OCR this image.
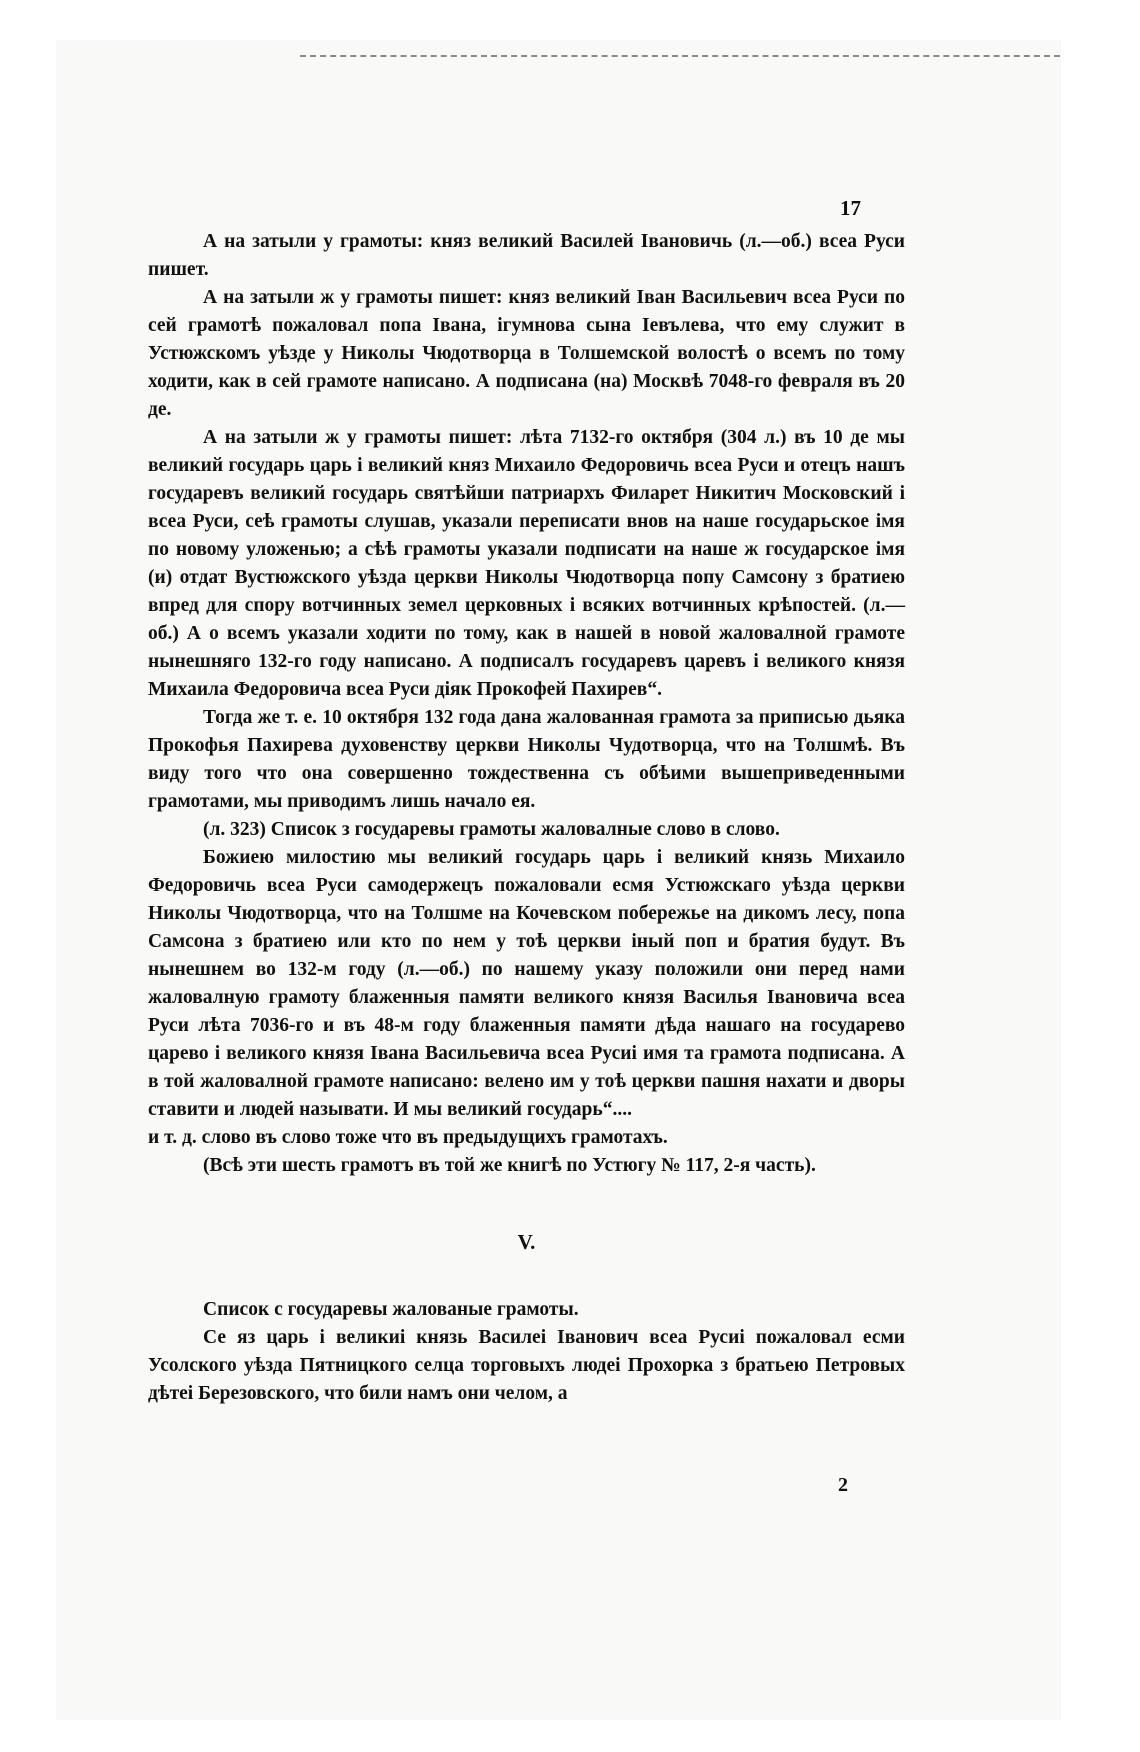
17

А на затыли у грамоты: княз великий Василей Івановичь (л.—об.) всеа Руси пишет.

А на затыли ж у грамоты пишет: княз великий Іван Васильевич всеа Руси по сей грамотѣ пожаловал попа Івана, ігумнова сына Іевълева, что ему служит в Устюжскомъ уѣзде у Николы Чюдотворца в Толшемской волостѣ о всемъ по тому ходити, как в сей грамоте написано. А подписана (на) Москвѣ 7048-го февраля въ 20 де.

А на затыли ж у грамоты пишет: лѣта 7132-го октября (304 л.) въ 10 де мы великий государь царь і великий княз Михаило Федоровичь всеа Руси и отецъ нашъ государевъ великий государь святѣйши патриархъ Филарет Никитич Московский і всеа Руси, сеѣ грамоты слушав, указали переписати внов на наше государьское імя по новому уложенью; а сѣѣ грамоты указали подписати на наше ж государское імя (и) отдат Вустюжского уѣзда церкви Николы Чюдотворца попу Самсону з братиею впред для спору вотчинных земел церковных і всяких вотчинных крѣпостей. (л.—об.) А о всемъ указали ходити по тому, как в нашей в новой жаловалной грамоте нынешняго 132-го году написано. А подписалъ государевъ царевъ і великого князя Михаила Федоровича всеа Руси діяк Прокофей Пахирев“.

Тогда же т. е. 10 октября 132 года дана жалованная грамота за приписью дьяка Прокофья Пахирева духовенству церкви Николы Чудотворца, что на Толшмѣ. Въ виду того что она совершенно тождественна съ обѣими вышеприведенными грамотами, мы приводимъ лишь начало ея.

(л. 323) Список з государевы грамоты жаловалные слово в слово.

Божиею милостию мы великий государь царь і великий князь Михаило Федоровичь всеа Руси самодержецъ пожаловали есмя Устюжскаго уѣзда церкви Николы Чюдотворца, что на Толшме на Кочевском побережье на дикомъ лесу, попа Самсона з братиею или кто по нем у тоѣ церкви іный поп и братия будут. Въ нынешнем во 132-м году (л.—об.) по нашему указу положили они перед нами жаловалную грамоту блаженныя памяти великого князя Василья Івановича всеа Руси лѣта 7036-го и въ 48-м году блаженныя памяти дѣда нашаго на государево царево і великого князя Івана Васильевича всеа Русиі имя та грамота подписана. А в той жаловалной грамоте написано: велено им у тоѣ церкви пашня нахати и дворы ставити и людей называти. И мы великий государь“....

и т. д. слово въ слово тоже что въ предыдущихъ грамотахъ.

(Всѣ эти шесть грамотъ въ той же книгѣ по Устюгу № 117, 2-я часть).

V.

Список с государевы жалованые грамоты.

Се яз царь і великиі князь Василеі Іванович всеа Русиі пожаловал есми Усолского уѣзда Пятницкого селца торговыхъ людеі Прохорка з братьею Петровых дѣтеі Березовского, что били намъ они челом, а

2
